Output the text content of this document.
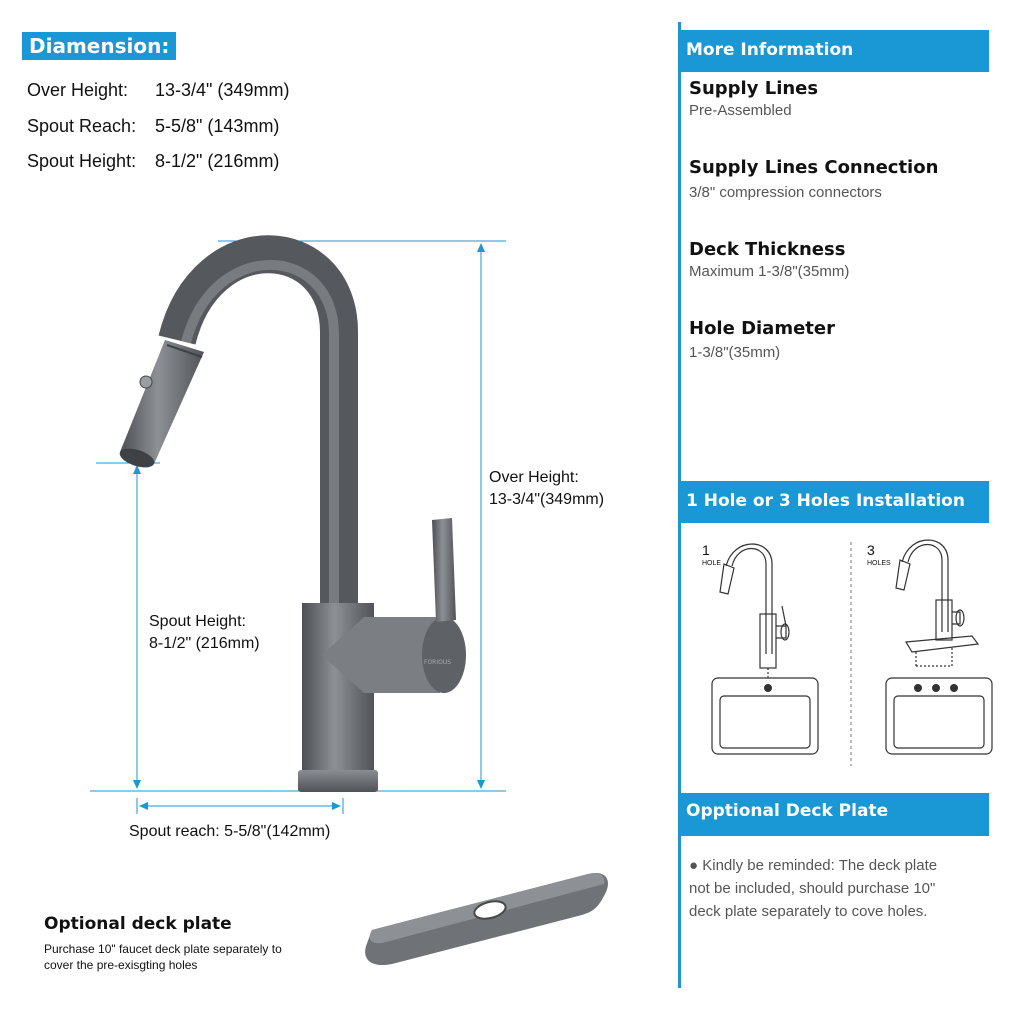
Diamension:
Over Height: 13-3/4" (349mm)
Spout Reach: 5-5/8" (143mm)
Spout Height: 8-1/2" (216mm)
FORIOUS
Over Height:
13-3/4"(349mm)
Spout Height:
8-1/2" (216mm)
Spout reach: 5-5/8"(142mm)
Optional deck plate
Purchase 10" faucet deck plate separately to
cover the pre-exisgting holes
More Information
Supply Lines
Pre-Assembled
Supply Lines Connection
3/8" compression connectors
Deck Thickness
Maximum 1-3/8"(35mm)
Hole Diameter
1-3/8"(35mm)
1 Hole or 3 Holes Installation
1
HOLE
3
HOLES
Opptional Deck Plate
● Kindly be reminded: The deck plate
not be included, should purchase 10"
deck plate separately to cove holes.
